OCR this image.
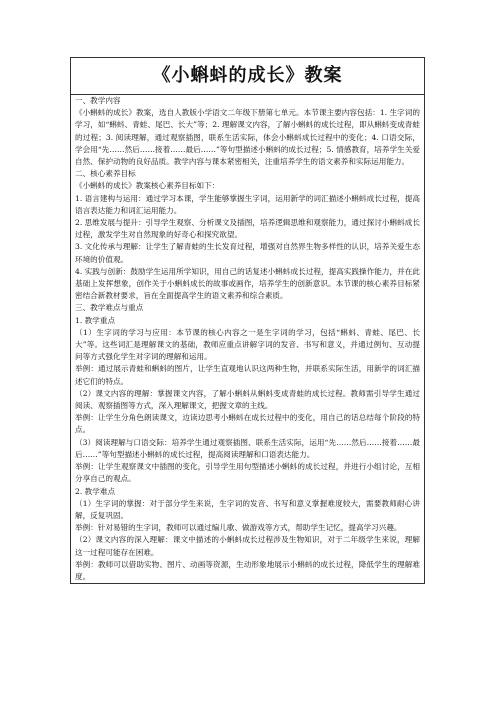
《小蝌蚪的成长》教案

一、教学内容
《小蝌蚪的成长》教案，选自人教版小学语文二年级下册第七单元。本节课主要内容包括：1. 生字词的学习，如“蝌蚪、青蛙、尾巴、长大”等；2. 理解课文内容，了解小蝌蚪的成长过程，即从蝌蚪变成青蛙的过程；3. 阅读理解，通过观察插图，联系生活实际，体会小蝌蚪成长过程中的变化；4. 口语交际，学会用“先……然后……接着……最后……”等句型描述小蝌蚪的成长过程；5. 情感教育，培养学生关爱自然、保护动物的良好品质。教学内容与课本紧密相关，注重培养学生的语文素养和实际运用能力。
二、核心素养目标
《小蝌蚪的成长》教案核心素养目标如下：
1. 语言建构与运用：通过学习本课，学生能够掌握生字词，运用新学的词汇描述小蝌蚪成长过程，提高语言表达能力和词汇运用能力。
2. 思维发展与提升：引导学生观察、分析课文及插图，培养逻辑思维和观察能力，通过探讨小蝌蚪成长过程，激发学生对自然现象的好奇心和探究欲望。
3. 文化传承与理解：让学生了解青蛙的生长发育过程，增强对自然界生物多样性的认识，培养关爱生态环境的价值观。
4. 实践与创新：鼓励学生运用所学知识，用自己的话复述小蝌蚪成长过程，提高实践操作能力，并在此基础上发挥想象，创作关于小蝌蚪成长的故事或画作，培养学生的创新意识。本节课的核心素养目标紧密结合新教材要求，旨在全面提高学生的语文素养和综合素质。
三、教学难点与重点
1. 教学重点
（1）生字词的学习与应用：本节课的核心内容之一是生字词的学习，包括“蝌蚪、青蛙、尾巴、长大”等。这些词汇是理解课文的基础，教师应重点讲解字词的发音、书写和意义，并通过例句、互动提问等方式强化学生对字词的理解和运用。
举例：通过展示青蛙和蝌蚪的图片，让学生直观地认识这两种生物，并联系实际生活，用新学的词汇描述它们的特点。
（2）课文内容的理解：掌握课文内容，了解小蝌蚪从蝌蚪变成青蛙的成长过程。教师需引导学生通过阅读、观察插图等方式，深入理解课文，把握文章的主线。
举例：让学生分角色朗读课文，边读边思考小蝌蚪在成长过程中的变化，用自己的话总结每个阶段的特点。
（3）阅读理解与口语交际：培养学生通过观察插图、联系生活实际，运用“先……然后……接着……最后……”等句型描述小蝌蚪的成长过程，提高阅读理解和口语表达能力。
举例：让学生观察课文中插图的变化，引导学生用句型描述小蝌蚪的成长过程，并进行小组讨论，互相分享自己的观点。
2. 教学难点
（1）生字词的掌握：对于部分学生来说，生字词的发音、书写和意义掌握难度较大，需要教师耐心讲解，反复巩固。
举例：针对易错的生字词，教师可以通过编儿歌、做游戏等方式，帮助学生记忆，提高学习兴趣。
（2）课文内容的深入理解：课文中描述的小蝌蚪成长过程涉及生物知识，对于二年级学生来说，理解这一过程可能存在困难。
举例：教师可以借助实物、图片、动画等资源，生动形象地展示小蝌蚪的成长过程，降低学生的理解难度。
